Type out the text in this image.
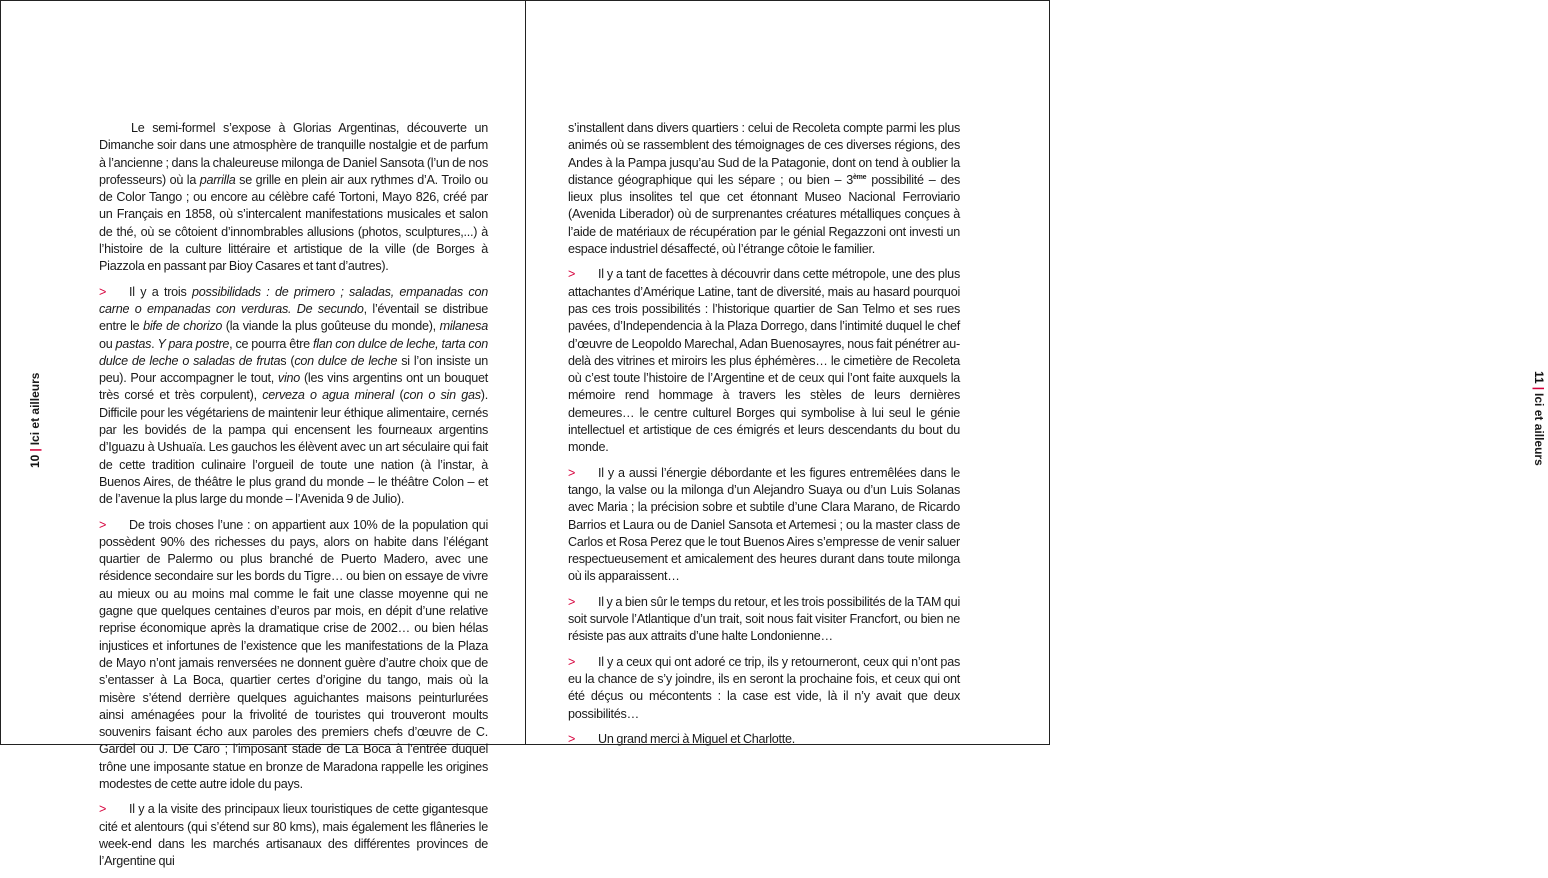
10|Ici et ailleurs

Le semi-formel s’expose à Glorias Argentinas, découverte un Dimanche soir dans une atmosphère de tranquille nostalgie et de parfum à l’ancienne ; dans la chaleureuse milonga de Daniel Sansota (l’un de nos professeurs) où la parrilla se grille en plein air aux rythmes d’A. Troilo ou de Color Tango ; ou encore au célèbre café Tortoni, Mayo 826, créé par un Français en 1858, où s’intercalent manifestations musicales et salon de thé, où se côtoient d’innombrables allusions (photos, sculptures,...) à l’histoire de la culture littéraire et artistique de la ville (de Borges à Piazzola en passant par Bioy Casares et tant d’autres).

> Il y a trois possibilidads : de primero ; saladas, empanadas con carne o empanadas con verduras. De secundo, l’éventail se distribue entre le bife de chorizo (la viande la plus goûteuse du monde), milanesa ou pastas. Y para postre, ce pourra être flan con dulce de leche, tarta con dulce de leche o saladas de frutas (con dulce de leche si l’on insiste un peu). Pour accompagner le tout, vino (les vins argentins ont un bouquet très corsé et très corpulent), cerveza o agua mineral (con o sin gas). Difficile pour les végétariens de maintenir leur éthique alimentaire, cernés par les bovidés de la pampa qui encensent les fourneaux argentins d’Iguazu à Ushuaïa. Les gauchos les élèvent avec un art séculaire qui fait de cette tradition culinaire l’orgueil de toute une nation (à l’instar, à Buenos Aires, de théâtre le plus grand du monde – le théâtre Colon – et de l’avenue la plus large du monde – l’Avenida 9 de Julio).

> De trois choses l’une : on appartient aux 10% de la population qui possèdent 90% des richesses du pays, alors on habite dans l’élégant quartier de Palermo ou plus branché de Puerto Madero, avec une résidence secondaire sur les bords du Tigre… ou bien on essaye de vivre au mieux ou au moins mal comme le fait une classe moyenne qui ne gagne que quelques centaines d’euros par mois, en dépit d’une relative reprise économique après la dramatique crise de 2002… ou bien hélas injustices et infortunes de l’existence que les manifestations de la Plaza de Mayo n’ont jamais renversées ne donnent guère d’autre choix que de s’entasser à La Boca, quartier certes d’origine du tango, mais où la misère s’étend derrière quelques aguichantes maisons peinturlurées ainsi aménagées pour la frivolité de touristes qui trouveront moults souvenirs faisant écho aux paroles des premiers chefs d’œuvre de C. Gardel ou J. De Caro ; l’imposant stade de La Boca à l’entrée duquel trône une imposante statue en bronze de Maradona rappelle les origines modestes de cette autre idole du pays.

> Il y a la visite des principaux lieux touristiques de cette gigantesque cité et alentours (qui s’étend sur 80 kms), mais également les flâneries le week-end dans les marchés artisanaux des différentes provinces de l’Argentine qui

11|Ici et ailleurs

s’installent dans divers quartiers : celui de Recoleta compte parmi les plus animés où se rassemblent des témoignages de ces diverses régions, des Andes à la Pampa jusqu’au Sud de la Patagonie, dont on tend à oublier la distance géographique qui les sépare ; ou bien – 3ème possibilité – des lieux plus insolites tel que cet étonnant Museo Nacional Ferroviario (Avenida Liberador) où de surprenantes créatures métalliques conçues à l’aide de matériaux de récupération par le génial Regazzoni ont investi un espace industriel désaffecté, où l’étrange côtoie le familier.

> Il y a tant de facettes à découvrir dans cette métropole, une des plus attachantes d’Amérique Latine, tant de diversité, mais au hasard pourquoi pas ces trois possibilités : l’historique quartier de San Telmo et ses rues pavées, d’Independencia à la Plaza Dorrego, dans l’intimité duquel le chef d’œuvre de Leopoldo Marechal, Adan Buenosayres, nous fait pénétrer au-delà des vitrines et miroirs les plus éphémères… le cimetière de Recoleta où c’est toute l’histoire de l’Argentine et de ceux qui l’ont faite auxquels la mémoire rend hommage à travers les stèles de leurs dernières demeures… le centre culturel Borges qui symbolise à lui seul le génie intellectuel et artistique de ces émigrés et leurs descendants du bout du monde.

> Il y a aussi l’énergie débordante et les figures entremêlées dans le tango, la valse ou la milonga d’un Alejandro Suaya ou d’un Luis Solanas avec Maria ; la précision sobre et subtile d’une Clara Marano, de Ricardo Barrios et Laura ou de Daniel Sansota et Artemesi ; ou la master class de Carlos et Rosa Perez que le tout Buenos Aires s’empresse de venir saluer respectueusement et amicalement des heures durant dans toute milonga où ils apparaissent…

> Il y a bien sûr le temps du retour, et les trois possibilités de la TAM qui soit survole l’Atlantique d’un trait, soit nous fait visiter Francfort, ou bien ne résiste pas aux attraits d’une halte Londonienne…

> Il y a ceux qui ont adoré ce trip, ils y retourneront, ceux qui n’ont pas eu la chance de s’y joindre, ils en seront la prochaine fois, et ceux qui ont été déçus ou mécontents : la case est vide, là il n’y avait que deux possibilités…

> Un grand merci à Miguel et Charlotte.
